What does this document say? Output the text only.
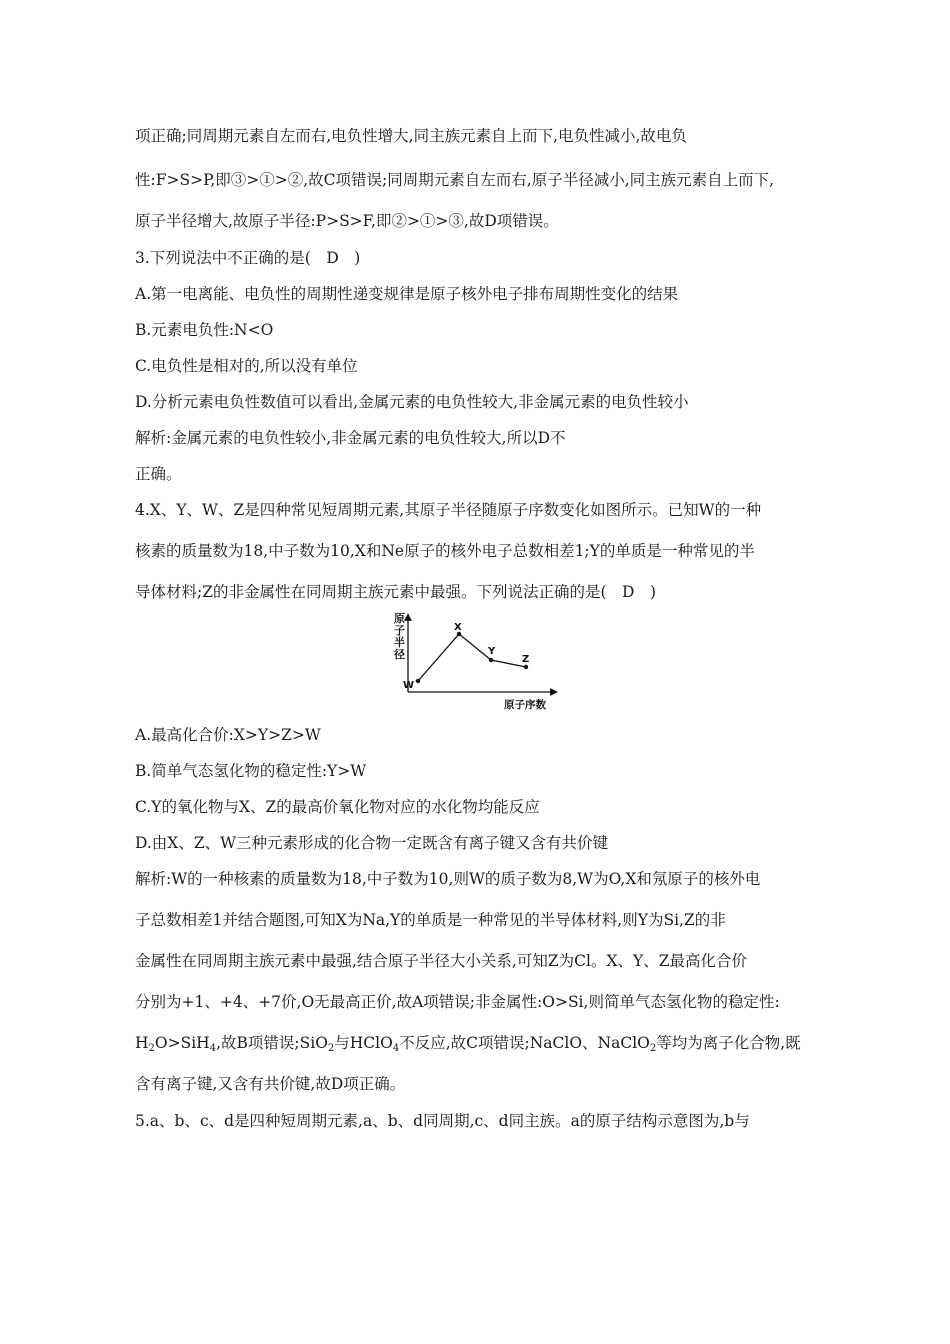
项正确;同周期元素自左而右,电负性增大,同主族元素自上而下,电负性减小,故电负
性:F>S>P,即③>①>②,故C项错误;同周期元素自左而右,原子半径减小,同主族元素自上而下,
原子半径增大,故原子半径:P>S>F,即②>①>③,故D项错误。
3.下列说法中不正确的是(　D　)
A.第一电离能、电负性的周期性递变规律是原子核外电子排布周期性变化的结果
B.元素电负性:N<O
C.电负性是相对的,所以没有单位
D.分析元素电负性数值可以看出,金属元素的电负性较大,非金属元素的电负性较小
解析:金属元素的电负性较小,非金属元素的电负性较大,所以D不
正确。
4.X、Y、W、Z是四种常见短周期元素,其原子半径随原子序数变化如图所示。已知W的一种
核素的质量数为18,中子数为10,X和Ne原子的核外电子总数相差1;Y的单质是一种常见的半
导体材料;Z的非金属性在同周期主族元素中最强。下列说法正确的是(　D　)
原
子
半
径
W
X
Y
Z
原子序数
A.最高化合价:X>Y>Z>W
B.简单气态氢化物的稳定性:Y>W
C.Y的氧化物与X、Z的最高价氧化物对应的水化物均能反应
D.由X、Z、W三种元素形成的化合物一定既含有离子键又含有共价键
解析:W的一种核素的质量数为18,中子数为10,则W的质子数为8,W为O,X和氖原子的核外电
子总数相差1并结合题图,可知X为Na,Y的单质是一种常见的半导体材料,则Y为Si,Z的非
金属性在同周期主族元素中最强,结合原子半径大小关系,可知Z为Cl。X、Y、Z最高化合价
分别为+1、+4、+7价,O无最高正价,故A项错误;非金属性:O>Si,则简单气态氢化物的稳定性:
$H_2O>SiH_4$,故B项错误;SiO$_2$与HClO$_4$不反应,故C项错误;NaClO、NaClO$_2$等均为离子化合物,既
含有离子键,又含有共价键,故D项正确。
5.a、b、c、d是四种短周期元素,a、b、d同周期,c、d同主族。a的原子结构示意图为,b与
